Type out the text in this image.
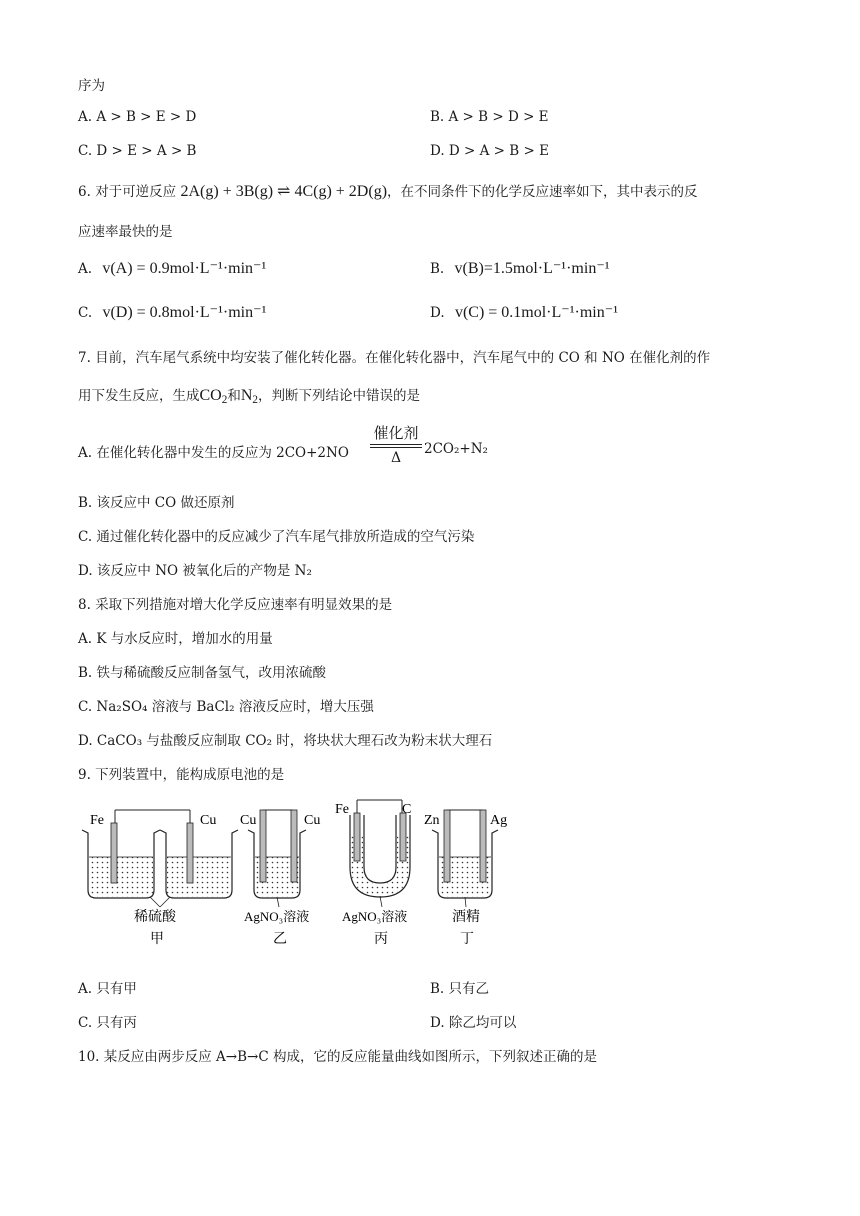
序为
A. A > B > E > D	B. A > B > D > E
C. D > E > A > B	D. D > A > B > E
6. 对于可逆反应 2A(g) + 3B(g) ⇌ 4C(g) + 2D(g)，在不同条件下的化学反应速率如下，其中表示的反
应速率最快的是
A. v(A) = 0.9mol·L⁻¹·min⁻¹	B. v(B)=1.5mol·L⁻¹·min⁻¹
C. v(D) = 0.8mol·L⁻¹·min⁻¹	D. v(C) = 0.1mol·L⁻¹·min⁻¹
7. 目前，汽车尾气系统中均安装了催化转化器。在催化转化器中，汽车尾气中的 CO 和 NO 在催化剂的作
用下发生反应，生成$CO_2$和$N_2$，判断下列结论中错误的是
A. 在催化转化器中发生的反应为 2CO+2NO
催化剂
Δ
2CO₂+N₂
B. 该反应中 CO 做还原剂
C. 通过催化转化器中的反应减少了汽车尾气排放所造成的空气污染
D. 该反应中 NO 被氧化后的产物是 N₂
8. 采取下列措施对增大化学反应速率有明显效果的是
A. K 与水反应时，增加水的用量
B. 铁与稀硫酸反应制备氢气，改用浓硫酸
C. Na₂SO₄ 溶液与 BaCl₂ 溶液反应时，增大压强
D. CaCO₃ 与盐酸反应制取 CO₂ 时，将块状大理石改为粉末状大理石
9. 下列装置中，能构成原电池的是
Fe	Cu
稀硫酸
甲
Cu	Cu
AgNO₃溶液
乙
Fe	C
AgNO₃溶液
丙
Zn	Ag
酒精
丁
A. 只有甲	B. 只有乙
C. 只有丙	D. 除乙均可以
10. 某反应由两步反应 A→B→C 构成，它的反应能量曲线如图所示，下列叙述正确的是
